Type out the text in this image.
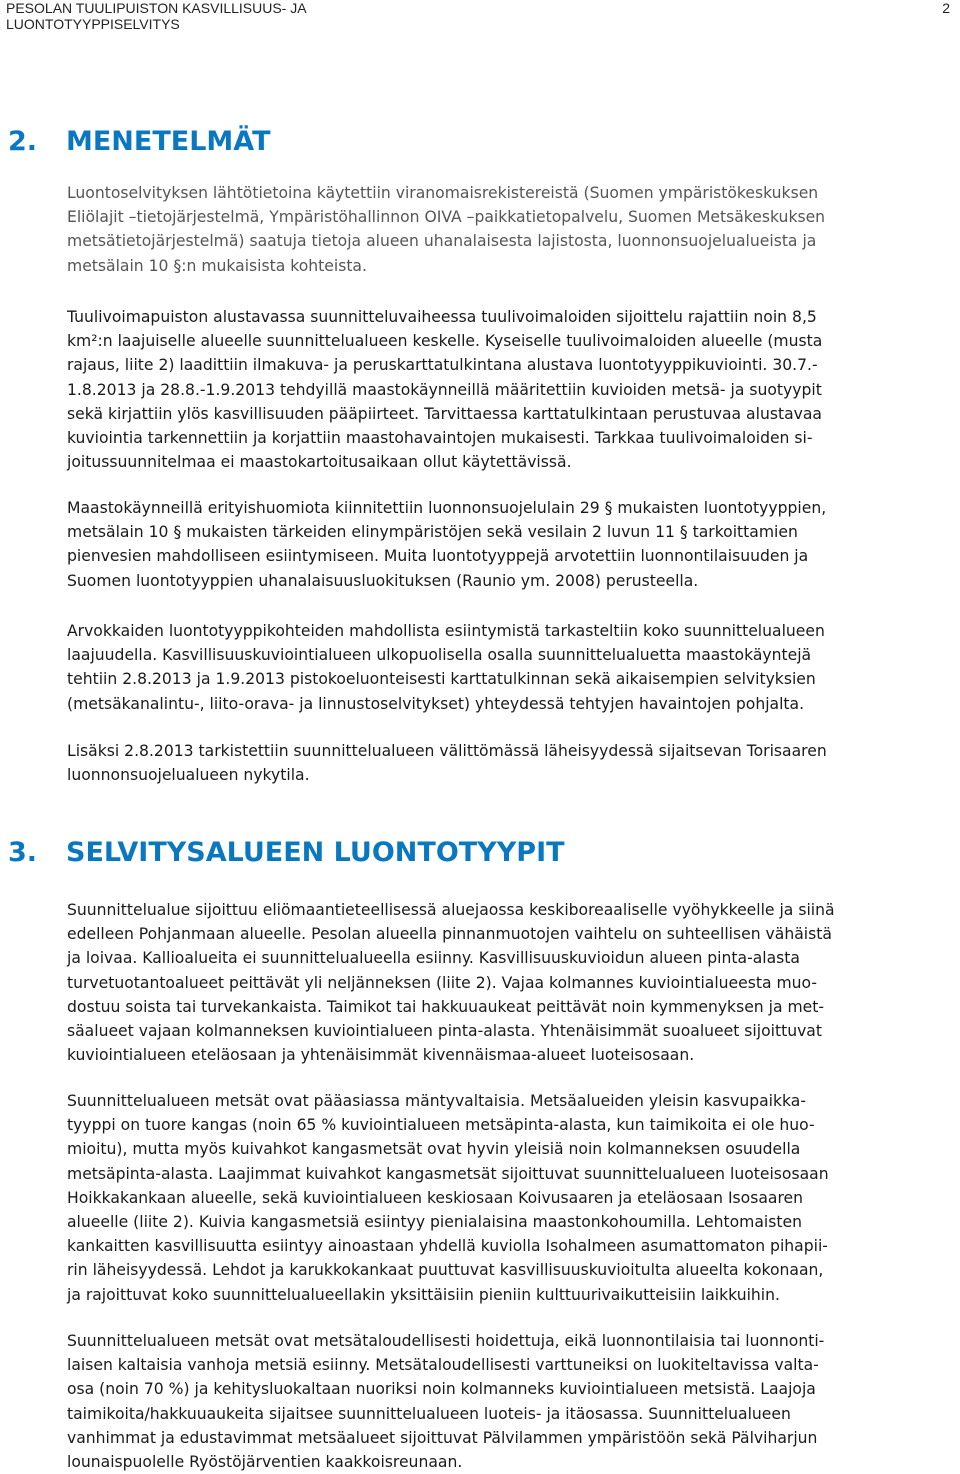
PESOLAN TUULIPUISTON KASVILLISUUS- JA LUONTOTYYPPISELVITYS
2
2. MENETELMÄT
Luontoselvityksen lähtötietoina käytettiin viranomaisrekistereistä (Suomen ympäristökeskuksen
Eliölajit –tietojärjestelmä, Ympäristöhallinnon OIVA –paikkatietopalvelu, Suomen Metsäkeskuksen
metsätietojärjestelmä) saatuja tietoja alueen uhanalaisesta lajistosta, luonnonsuojelualueista ja
metsälain 10 §:n mukaisista kohteista.
Tuulivoimapuiston alustavassa suunnitteluvaiheessa tuulivoimaloiden sijoittelu rajattiin noin 8,5
km²:n laajuiselle alueelle suunnittelualueen keskelle. Kyseiselle tuulivoimaloiden alueelle (musta
rajaus, liite 2) laadittiin ilmakuva- ja peruskarttatulkintana alustava luontotyyppikuviointi. 30.7.-
1.8.2013 ja 28.8.-1.9.2013 tehdyillä maastokäynneillä määritettiin kuvioiden metsä- ja suotyypit
sekä kirjattiin ylös kasvillisuuden pääpiirteet. Tarvittaessa karttatulkintaan perustuvaa alustavaa
kuviointia tarkennettiin ja korjattiin maastohavaintojen mukaisesti. Tarkkaa tuulivoimaloiden si-
joitussuunnitelmaa ei maastokartoitusaikaan ollut käytettävissä.
Maastokäynneillä erityishuomiota kiinnitettiin luonnonsuojelulain 29 § mukaisten luontotyyppien,
metsälain 10 § mukaisten tärkeiden elinympäristöjen sekä vesilain 2 luvun 11 § tarkoittamien
pienvesien mahdolliseen esiintymiseen. Muita luontotyyppejä arvotettiin luonnontilaisuuden ja
Suomen luontotyyppien uhanalaisuusluokituksen (Raunio ym. 2008) perusteella.
Arvokkaiden luontotyyppikohteiden mahdollista esiintymistä tarkasteltiin koko suunnittelualueen
laajuudella. Kasvillisuuskuviointialueen ulkopuolisella osalla suunnittelualuetta maastokäyntejä
tehtiin 2.8.2013 ja 1.9.2013 pistokoeluonteisesti karttatulkinnan sekä aikaisempien selvityksien
(metsäkanalintu-, liito-orava- ja linnustoselvitykset) yhteydessä tehtyjen havaintojen pohjalta.
Lisäksi 2.8.2013 tarkistettiin suunnittelualueen välittömässä läheisyydessä sijaitsevan Torisaaren
luonnonsuojelualueen nykytila.
3. SELVITYSALUEEN LUONTOTYYPIT
Suunnittelualue sijoittuu eliömaantieteellisessä aluejaossa keskiboreaaliselle vyöhykkeelle ja siinä
edelleen Pohjanmaan alueelle. Pesolan alueella pinnanmuotojen vaihtelu on suhteellisen vähäistä
ja loivaa. Kallioalueita ei suunnittelualueella esiinny. Kasvillisuuskuvioidun alueen pinta-alasta
turvetuotantoalueet peittävät yli neljänneksen (liite 2). Vajaa kolmannes kuviointialueesta muo-
dostuu soista tai turvekankaista. Taimikot tai hakkuuaukeat peittävät noin kymmenyksen ja met-
säalueet vajaan kolmanneksen kuviointialueen pinta-alasta. Yhtenäisimmät suoalueet sijoittuvat
kuviointialueen eteläosaan ja yhtenäisimmät kivennäismaa-alueet luoteisosaan.
Suunnittelualueen metsät ovat pääasiassa mäntyvaltaisia. Metsäalueiden yleisin kasvupaikka-
tyyppi on tuore kangas (noin 65 % kuviointialueen metsäpinta-alasta, kun taimikoita ei ole huo-
mioitu), mutta myös kuivahkot kangasmetsät ovat hyvin yleisiä noin kolmanneksen osuudella
metsäpinta-alasta. Laajimmat kuivahkot kangasmetsät sijoittuvat suunnittelualueen luoteisosaan
Hoikkakankaan alueelle, sekä kuviointialueen keskiosaan Koivusaaren ja eteläosaan Isosaaren
alueelle (liite 2). Kuivia kangasmetsiä esiintyy pienialaisina maastonkohoumilla. Lehtomaisten
kankaitten kasvillisuutta esiintyy ainoastaan yhdellä kuviolla Isohalmeen asumattomaton pihapii-
rin läheisyydessä. Lehdot ja karukkokankaat puuttuvat kasvillisuuskuvioitulta alueelta kokonaan,
ja rajoittuvat koko suunnittelualueellakin yksittäisiin pieniin kulttuurivaikutteisiin laikkuihin.
Suunnittelualueen metsät ovat metsätaloudellisesti hoidettuja, eikä luonnontilaisia tai luonnonti-
laisen kaltaisia vanhoja metsiä esiinny. Metsätaloudellisesti varttuneiksi on luokiteltavissa valta-
osa (noin 70 %) ja kehitysluokaltaan nuoriksi noin kolmanneks kuviointialueen metsistä. Laajoja
taimikoita/hakkuuaukeita sijaitsee suunnittelualueen luoteis- ja itäosassa. Suunnittelualueen
vanhimmat ja edustavimmat metsäalueet sijoittuvat Pälvilammen ympäristöön sekä Pälviharjun
lounaispuolelle Ryöstöjärventien kaakkoisreunaan.
